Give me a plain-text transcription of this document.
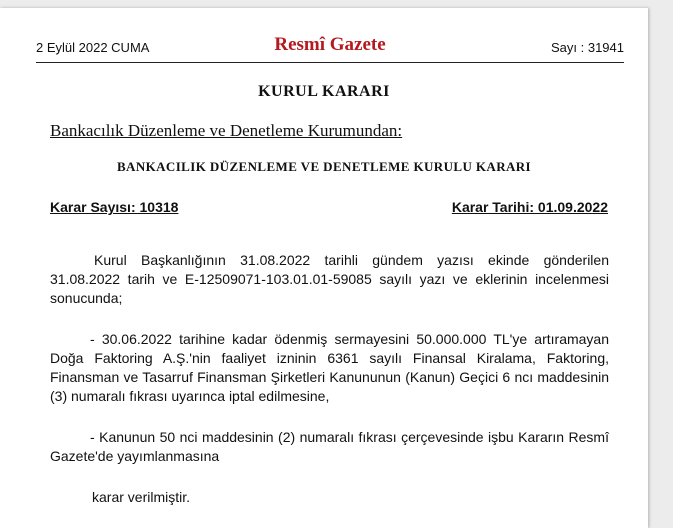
2 Eylül 2022 CUMA	Resmî Gazete	Sayı : 31941
KURUL KARARI
Bankacılık Düzenleme ve Denetleme Kurumundan:
BANKACILIK DÜZENLEME VE DENETLEME KURULU KARARI
Karar Sayısı: 10318	Karar Tarihi: 01.09.2022
Kurul Başkanlığının 31.08.2022 tarihli gündem yazısı ekinde gönderilen 31.08.2022 tarih ve E-12509071-103.01.01-59085 sayılı yazı ve eklerinin incelenmesi sonucunda;
- 30.06.2022 tarihine kadar ödenmiş sermayesini 50.000.000 TL'ye artıramayan Doğa Faktoring A.Ş.'nin faaliyet izninin 6361 sayılı Finansal Kiralama, Faktoring, Finansman ve Tasarruf Finansman Şirketleri Kanununun (Kanun) Geçici 6 ncı maddesinin (3) numaralı fıkrası uyarınca iptal edilmesine,
- Kanunun 50 nci maddesinin (2) numaralı fıkrası çerçevesinde işbu Kararın Resmî Gazete'de yayımlanmasına
karar verilmiştir.
